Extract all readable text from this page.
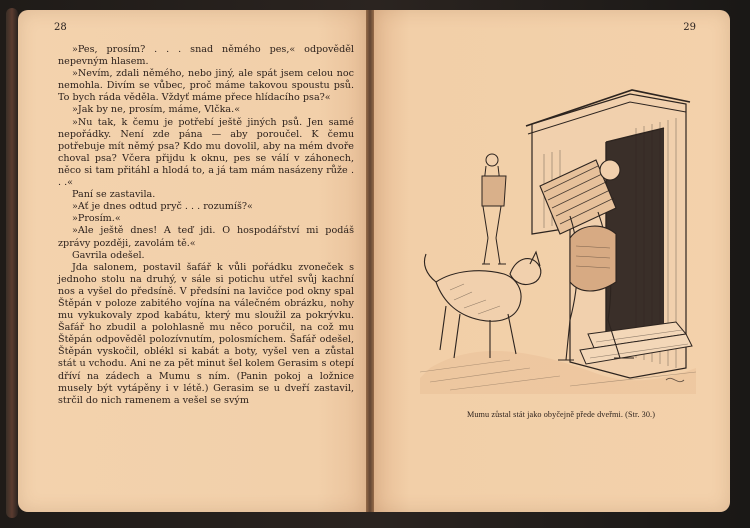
28

»Pes, prosím? . . . snad němého pes,« odpověděl nepevným hlasem.

»Nevím, zdali němého, nebo jiný, ale spát jsem celou noc nemohla. Divím se vůbec, proč máme takovou spoustu psů. To bych ráda věděla. Vždyť máme přece hlídacího psa?«

»Jak by ne, prosím, máme, Vlčka.«

»Nu tak, k čemu je potřebí ještě jiných psů. Jen samé nepořádky. Není zde pána — aby poroučel. K čemu potřebuje mít němý psa? Kdo mu dovolil, aby na mém dvoře choval psa? Včera přijdu k oknu, pes se válí v záhonech, něco si tam přitáhl a hlodá to, a já tam mám nasázeny růže . . .«

Paní se zastavila.

»Ať je dnes odtud pryč . . . rozumíš?«

»Prosím.«

»Ale ještě dnes! A teď jdi. O hospodářství mi podáš zprávy později, zavolám tě.«

Gavrila odešel.

Jda salonem, postavil šafář k vůli pořádku zvoneček s jednoho stolu na druhý, v sále si potichu utřel svůj kachní nos a vyšel do předsíně. V předsíni na lavičce pod okny spal Štěpán v poloze zabitého vojína na válečném obrázku, nohy mu vykukovaly zpod kabátu, který mu sloužil za pokrývku. Šafář ho zbudil a polohlasně mu něco poručil, na což mu Štěpán odpověděl polozívnutím, polosmíchem. Šafář odešel, Štěpán vyskočil, oblékl si kabát a boty, vyšel ven a zůstal stát u vchodu. Ani ne za pět minut šel kolem Gerasim s otepí dříví na zádech a Mumu s ním. (Panin pokoj a ložnice musely být vytápěny i v létě.) Gerasim se u dveří zastavil, strčil do nich ramenem a vešel se svým

29
Mumu zůstal stát jako obyčejně přede dveřmi. (Str. 30.)
